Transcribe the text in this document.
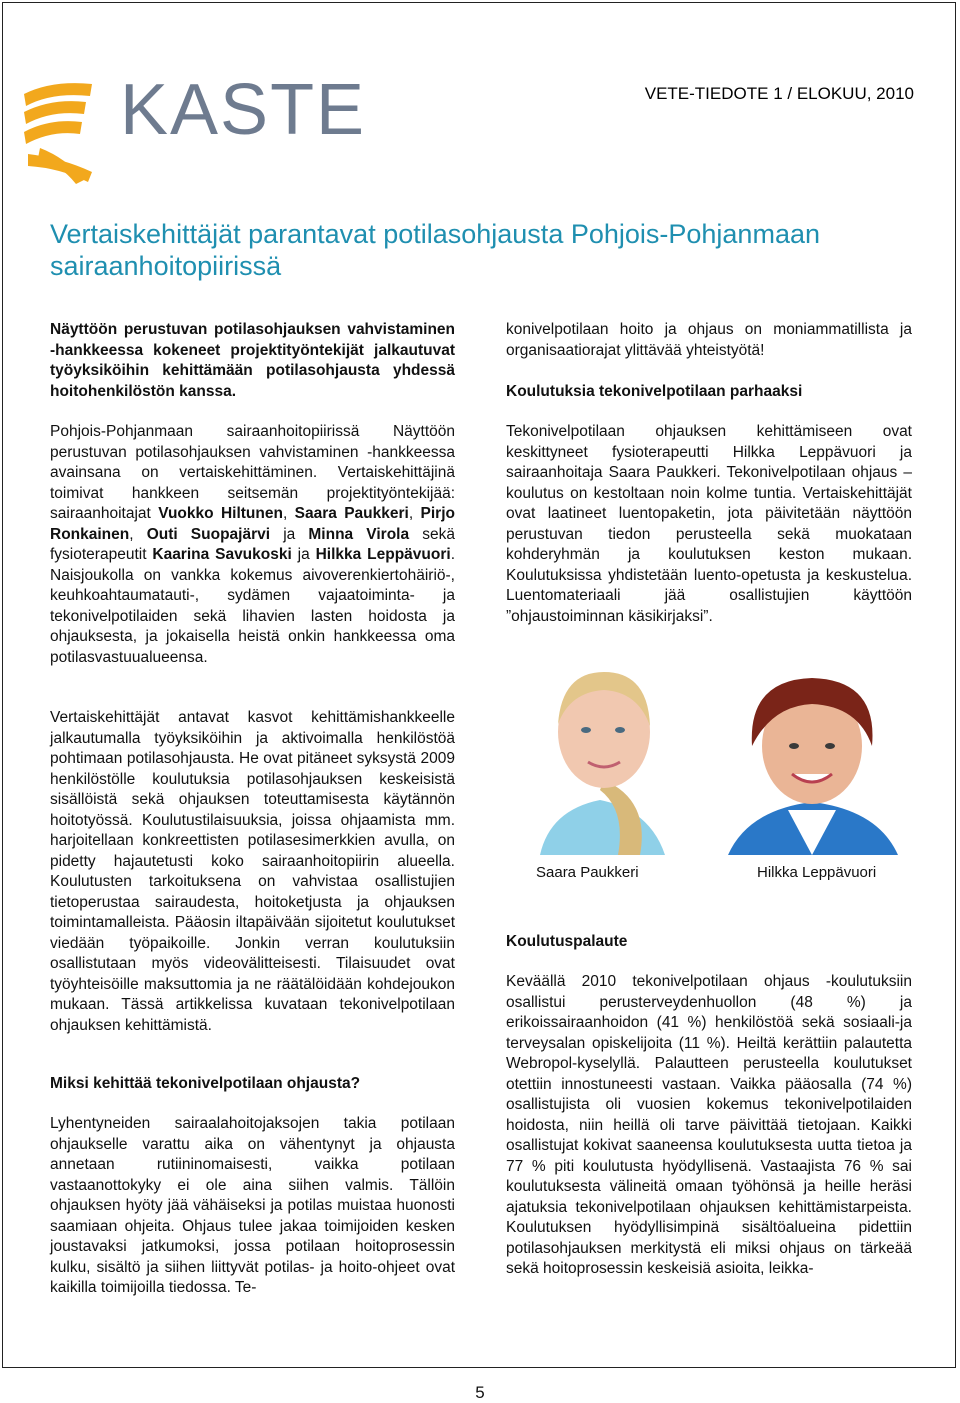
KASTE	VETE-TIEDOTE 1 / ELOKUU, 2010
Vertaiskehittäjät parantavat potilasohjausta Pohjois-Pohjanmaan sairaanhoitopiirissä

Näyttöön perustuvan potilasohjauksen vahvistaminen -hankkeessa kokeneet projektityöntekijät jalkautuvat työyksiköihin kehittämään potilasohjausta yhdessä hoitohenkilöstön kanssa.

Pohjois-Pohjanmaan sairaanhoitopiirissä Näyttöön perustuvan potilasohjauksen vahvistaminen -hankkeessa avainsana on vertaiskehittäminen. Vertaiskehittäjinä toimivat hankkeen seitsemän projektityöntekijää: sairaanhoitajat Vuokko Hiltunen, Saara Paukkeri, Pirjo Ronkainen, Outi Suopajärvi ja Minna Virola sekä fysioterapeutit Kaarina Savukoski ja Hilkka Leppävuori. Naisjoukolla on vankka kokemus aivoverenkiertohäiriö-, keuhkoahtaumatauti-, sydämen vajaatoiminta- ja tekonivelpotilaiden sekä lihavien lasten hoidosta ja ohjauksesta, ja jokaisella heistä onkin hankkeessa oma potilasvastuualueensa.

Vertaiskehittäjät antavat kasvot kehittämishankkeelle jalkautumalla työyksiköihin ja aktivoimalla henkilöstöä pohtimaan potilasohjausta. He ovat pitäneet syksystä 2009 henkilöstölle koulutuksia potilasohjauksen keskeisistä sisällöistä sekä ohjauksen toteuttamisesta käytännön hoitotyössä. Koulutustilaisuuksia, joissa ohjaamista mm. harjoitellaan konkreettisten potilasesimerkkien avulla, on pidetty hajautetusti koko sairaanhoitopiirin alueella. Koulutusten tarkoituksena on vahvistaa osallistujien tietoperustaa sairaudesta, hoitoketjusta ja ohjauksen toimintamalleista. Pääosin iltapäivään sijoitetut koulutukset viedään työpaikoille. Jonkin verran koulutuksiin osallistutaan myös videovälitteisesti. Tilaisuudet ovat työyhteisöille maksuttomia ja ne räätälöidään kohdejoukon mukaan. Tässä artikkelissa kuvataan tekonivelpotilaan ohjauksen kehittämistä.

Miksi kehittää tekonivelpotilaan ohjausta?

Lyhentyneiden sairaalahoitojaksojen takia potilaan ohjaukselle varattu aika on vähentynyt ja ohjausta annetaan rutiininomaisesti, vaikka potilaan vastaanottokyky ei ole aina siihen valmis. Tällöin ohjauksen hyöty jää vähäiseksi ja potilas muistaa huonosti saamiaan ohjeita. Ohjaus tulee jakaa toimijoiden kesken joustavaksi jatkumoksi, jossa potilaan hoitoprosessin kulku, sisältö ja siihen liittyvät potilas- ja hoito-ohjeet ovat kaikilla toimijoilla tiedossa. Te-

konivelpotilaan hoito ja ohjaus on moniammatillista ja organisaatiorajat ylittävää yhteistyötä!

Koulutuksia tekonivelpotilaan parhaaksi

Tekonivelpotilaan ohjauksen kehittämiseen ovat keskittyneet fysioterapeutti Hilkka Leppävuori ja sairaanhoitaja Saara Paukkeri. Tekonivelpotilaan ohjaus –koulutus on kestoltaan noin kolme tuntia. Vertaiskehittäjät ovat laatineet luentopaketin, jota päivitetään näyttöön perustuvan tiedon perusteella sekä muokataan kohderyhmän ja koulutuksen keston mukaan. Koulutuksissa yhdistetään luento-opetusta ja keskustelua. Luentomateriaali jää osallistujien käyttöön ”ohjaustoiminnan käsikirjaksi”.

Saara Paukkeri	Hilkka Leppävuori
Koulutuspalaute

Keväällä 2010 tekonivelpotilaan ohjaus -koulutuksiin osallistui perusterveydenhuollon (48 %) ja erikoissairaanhoidon (41 %) henkilöstöä sekä sosiaali-ja terveysalan opiskelijoita (11 %). Heiltä kerättiin palautetta Webropol-kyselyllä. Palautteen perusteella koulutukset otettiin innostuneesti vastaan. Vaikka pääosalla (74 %) osallistujista oli vuosien kokemus tekonivelpotilaiden hoidosta, niin heillä oli tarve päivittää tietojaan. Kaikki osallistujat kokivat saaneensa koulutuksesta uutta tietoa ja 77 % piti koulutusta hyödyllisenä. Vastaajista 76 % sai koulutuksesta välineitä omaan työhönsä ja heille heräsi ajatuksia tekonivelpotilaan ohjauksen kehittämistarpeista. Koulutuksen hyödyllisimpinä sisältöalueina pidettiin potilasohjauksen merkitystä eli miksi ohjaus on tärkeää sekä hoitoprosessin keskeisiä asioita, leikka-

5
